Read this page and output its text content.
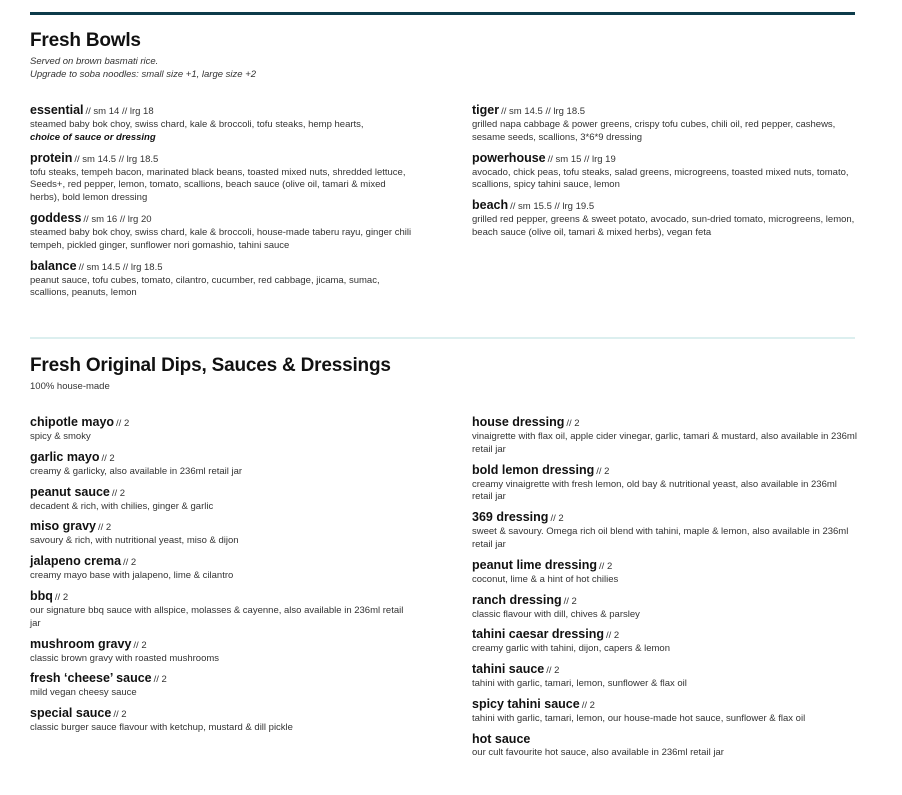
Fresh Bowls

Served on brown basmati rice.

Upgrade to soba noodles: small size +1, large size +2

essential // sm 14 // lrg 18
steamed baby bok choy, swiss chard, kale & broccoli, tofu steaks, hemp hearts,
choice of sauce or dressing
protein // sm 14.5 // lrg 18.5
tofu steaks, tempeh bacon, marinated black beans, toasted mixed nuts, shredded lettuce, Seeds+, red pepper, lemon, tomato, scallions, beach sauce (olive oil, tamari & mixed herbs), bold lemon dressing
goddess // sm 16 // lrg 20
steamed baby bok choy, swiss chard, kale & broccoli, house-made taberu rayu, ginger chili tempeh, pickled ginger, sunflower nori gomashio, tahini sauce
balance // sm 14.5 // lrg 18.5
peanut sauce, tofu cubes, tomato, cilantro, cucumber, red cabbage, jicama, sumac, scallions, peanuts, lemon
tiger // sm 14.5 // lrg 18.5
grilled napa cabbage & power greens, crispy tofu cubes, chili oil, red pepper, cashews, sesame seeds, scallions, 3*6*9 dressing
powerhouse // sm 15 // lrg 19
avocado, chick peas, tofu steaks, salad greens, microgreens, toasted mixed nuts, tomato, scallions, spicy tahini sauce, lemon
beach // sm 15.5 // lrg 19.5
grilled red pepper, greens & sweet potato, avocado, sun-dried tomato, microgreens, lemon, beach sauce (olive oil, tamari & mixed herbs), vegan feta
Fresh Original Dips, Sauces & Dressings

100% house-made

chipotle mayo // 2
spicy & smoky
garlic mayo // 2
creamy & garlicky, also available in 236ml retail jar
peanut sauce // 2
decadent & rich, with chilies, ginger & garlic
miso gravy // 2
savoury & rich, with nutritional yeast, miso & dijon
jalapeno crema // 2
creamy mayo base with jalapeno, lime & cilantro
bbq // 2
our signature bbq sauce with allspice, molasses & cayenne, also available in 236ml retail jar
mushroom gravy // 2
classic brown gravy with roasted mushrooms
fresh ‘cheese’ sauce // 2
mild vegan cheesy sauce
special sauce // 2
classic burger sauce flavour with ketchup, mustard & dill pickle
house dressing // 2
vinaigrette with flax oil, apple cider vinegar, garlic, tamari & mustard, also available in 236ml retail jar
bold lemon dressing // 2
creamy vinaigrette with fresh lemon, old bay & nutritional yeast, also available in 236ml retail jar
369 dressing // 2
sweet & savoury. Omega rich oil blend with tahini, maple & lemon, also available in 236ml retail jar
peanut lime dressing // 2
coconut, lime & a hint of hot chilies
ranch dressing // 2
classic flavour with dill, chives & parsley
tahini caesar dressing // 2
creamy garlic with tahini, dijon, capers & lemon
tahini sauce // 2
tahini with garlic, tamari, lemon, sunflower & flax oil
spicy tahini sauce // 2
tahini with garlic, tamari, lemon, our house-made hot sauce, sunflower & flax oil
hot sauce
our cult favourite hot sauce, also available in 236ml retail jar
